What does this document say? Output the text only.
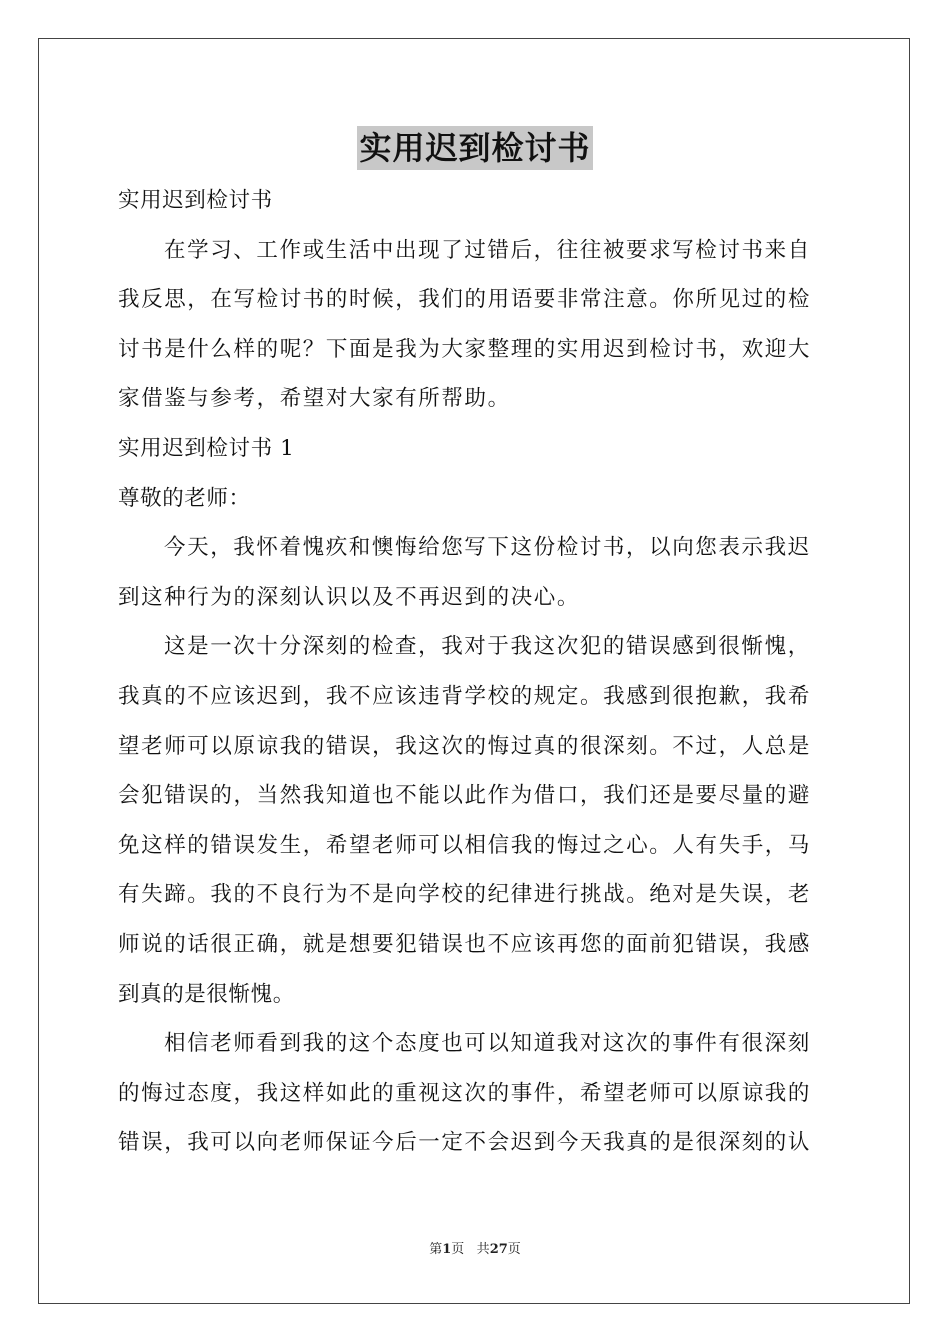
实用迟到检讨书
实用迟到检讨书
在学习、工作或生活中出现了过错后，往往被要求写检讨书来自
我反思，在写检讨书的时候，我们的用语要非常注意。你所见过的检
讨书是什么样的呢？下面是我为大家整理的实用迟到检讨书，欢迎大
家借鉴与参考，希望对大家有所帮助。
实用迟到检讨书 1
尊敬的老师：
今天，我怀着愧疚和懊悔给您写下这份检讨书，以向您表示我迟
到这种行为的深刻认识以及不再迟到的决心。
这是一次十分深刻的检查，我对于我这次犯的错误感到很惭愧，
我真的不应该迟到，我不应该违背学校的规定。我感到很抱歉，我希
望老师可以原谅我的错误，我这次的悔过真的很深刻。不过，人总是
会犯错误的，当然我知道也不能以此作为借口，我们还是要尽量的避
免这样的错误发生，希望老师可以相信我的悔过之心。人有失手，马
有失蹄。我的不良行为不是向学校的纪律进行挑战。绝对是失误，老
师说的话很正确，就是想要犯错误也不应该再您的面前犯错误，我感
到真的是很惭愧。
相信老师看到我的这个态度也可以知道我对这次的事件有很深刻
的悔过态度，我这样如此的重视这次的事件，希望老师可以原谅我的
错误，我可以向老师保证今后一定不会迟到今天我真的是很深刻的认
第1页 共27页
